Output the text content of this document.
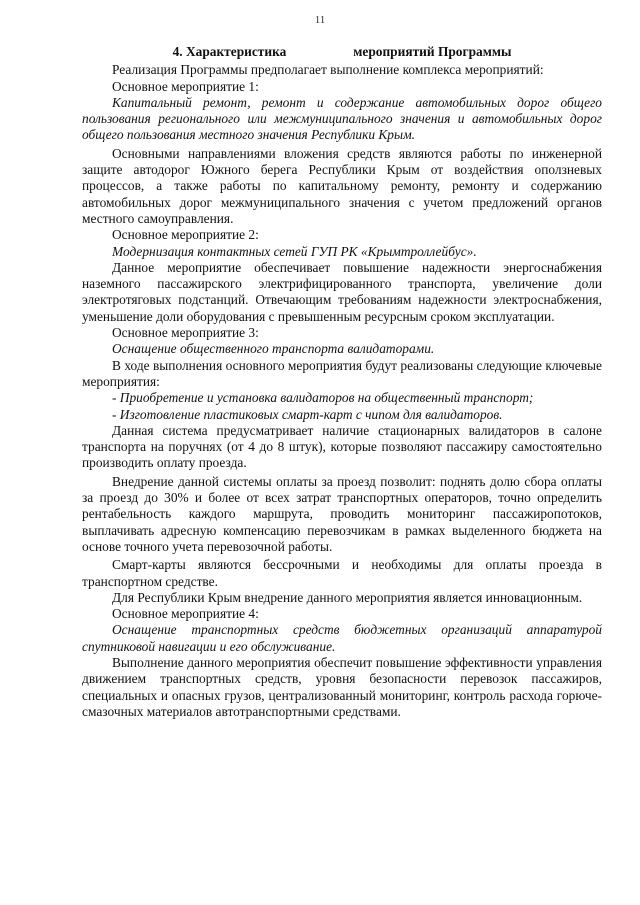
11
4. Характеристика                    мероприятий Программы

Реализация Программы предполагает выполнение комплекса мероприятий:

Основное мероприятие 1:

Капитальный ремонт, ремонт и содержание автомобильных дорог общего пользования регионального или межмуниципального значения и автомобильных дорог общего пользования местного значения Республики Крым.

Основными направлениями вложения средств являются работы по инженерной защите автодорог Южного берега Республики Крым от воздействия оползневых процессов, а также работы по капитальному ремонту, ремонту и содержанию автомобильных дорог межмуниципального значения с учетом предложений органов местного самоуправления.

Основное мероприятие 2:

Модернизация контактных сетей ГУП РК «Крымтроллейбус».

Данное мероприятие обеспечивает повышение надежности энергоснабжения наземного пассажирского электрифицированного транспорта, увеличение доли электротяговых подстанций. Отвечающим требованиям надежности электроснабжения, уменьшение доли оборудования с превышенным ресурсным сроком эксплуатации.

Основное мероприятие 3:

Оснащение общественного транспорта валидаторами.

В ходе выполнения основного мероприятия будут реализованы следующие ключевые мероприятия:

- Приобретение и установка валидаторов на общественный транспорт;

- Изготовление пластиковых смарт-карт с чипом для валидаторов.

Данная система предусматривает наличие стационарных валидаторов в салоне транспорта на поручнях (от 4 до 8 штук), которые позволяют пассажиру самостоятельно производить оплату проезда.

Внедрение данной системы оплаты за проезд позволит: поднять долю сбора оплаты за проезд до 30% и более от всех затрат транспортных операторов, точно определить рентабельность каждого маршрута, проводить мониторинг пассажиропотоков, выплачивать адресную компенсацию перевозчикам в рамках выделенного бюджета на основе точного учета перевозочной работы.

Смарт-карты являются бессрочными и необходимы для оплаты проезда в транспортном средстве.

Для Республики Крым внедрение данного мероприятия является инновационным.

Основное мероприятие 4:

Оснащение транспортных средств бюджетных организаций аппаратурой спутниковой навигации и его обслуживание.

Выполнение данного мероприятия обеспечит повышение эффективности управления движением транспортных средств, уровня безопасности перевозок пассажиров, специальных и опасных грузов, централизованный мониторинг, контроль расхода горюче-смазочных материалов автотранспортными средствами.
